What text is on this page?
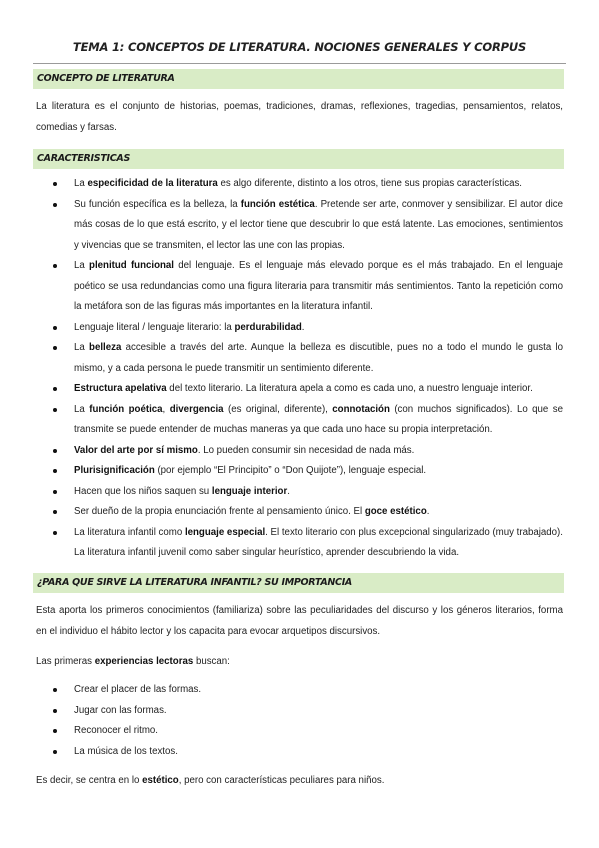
TEMA 1: CONCEPTOS DE LITERATURA. NOCIONES GENERALES Y CORPUS
CONCEPTO DE LITERATURA
La literatura es el conjunto de historias, poemas, tradiciones, dramas, reflexiones, tragedias, pensamientos, relatos, comedias y farsas.
CARACTERISTICAS
La especificidad de la literatura es algo diferente, distinto a los otros, tiene sus propias características.
Su función específica es la belleza, la función estética. Pretende ser arte, conmover y sensibilizar. El autor dice más cosas de lo que está escrito, y el lector tiene que descubrir lo que está latente. Las emociones, sentimientos y vivencias que se transmiten, el lector las une con las propias.
La plenitud funcional del lenguaje. Es el lenguaje más elevado porque es el más trabajado. En el lenguaje poético se usa redundancias como una figura literaria para transmitir más sentimientos. Tanto la repetición como la metáfora son de las figuras más importantes en la literatura infantil.
Lenguaje literal / lenguaje literario: la perdurabilidad.
La belleza accesible a través del arte. Aunque la belleza es discutible, pues no a todo el mundo le gusta lo mismo, y a cada persona le puede transmitir un sentimiento diferente.
Estructura apelativa del texto literario. La literatura apela a como es cada uno, a nuestro lenguaje interior.
La función poética, divergencia (es original, diferente), connotación (con muchos significados). Lo que se transmite se puede entender de muchas maneras ya que cada uno hace su propia interpretación.
Valor del arte por sí mismo. Lo pueden consumir sin necesidad de nada más.
Plurisignificación (por ejemplo “El Principito” o “Don Quijote”), lenguaje especial.
Hacen que los niños saquen su lenguaje interior.
Ser dueño de la propia enunciación frente al pensamiento único. El goce estético.
La literatura infantil como lenguaje especial. El texto literario con plus excepcional singularizado (muy trabajado). La literatura infantil juvenil como saber singular heurístico, aprender descubriendo la vida.
¿PARA QUE SIRVE LA LITERATURA INFANTIL? SU IMPORTANCIA
Esta aporta los primeros conocimientos (familiariza) sobre las peculiaridades del discurso y los géneros literarios, forma en el individuo el hábito lector y los capacita para evocar arquetipos discursivos.
Las primeras experiencias lectoras buscan:
Crear el placer de las formas.
Jugar con las formas.
Reconocer el ritmo.
La música de los textos.
Es decir, se centra en lo estético, pero con características peculiares para niños.
